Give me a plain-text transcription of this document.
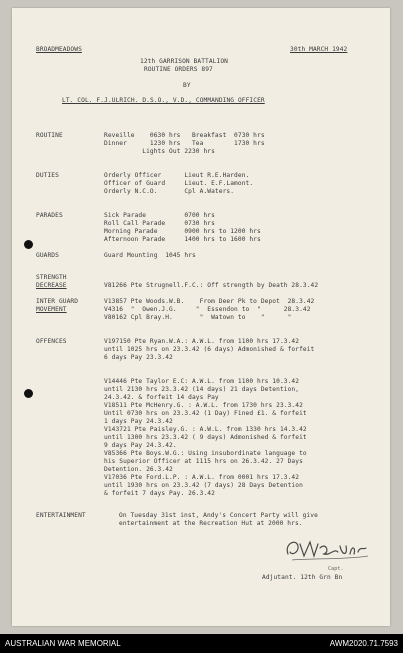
BROADMEADOWS	30th MARCH 1942
12th GARRISON BATTALION
ROUTINE ORDERS 897
BY
LT. COL. F.J.ULRICH. D.S.O., V.D., COMMANDING OFFICER
ROUTINE	Reveille    0630 hrs   Breakfast  0730 hrs
Dinner      1230 hrs   Tea        1730 hrs
Lights Out 2230 hrs
DUTIES	Orderly Officer      Lieut R.E.Harden.
Officer of Guard     Lieut. E.F.Lamont.
Orderly N.C.O.       Cpl A.Waters.
PARADES	Sick Parade          0700 hrs
Roll Call Parade     0730 hrs
Morning Parade       0900 hrs to 1200 hrs
Afternoon Parade     1400 hrs to 1600 hrs
GUARDS	Guard Mounting  1045 hrs
STRENGTH
DECREASE	V81266 Pte Strugnell.F.C.: Off strength by Death 28.3.42
INTER GUARD
MOVEMENT
V13857 Pte Woods.W.B.    From Deer Pk to Depot  28.3.42
V4316  "  Owen.J.G.     "  Essendon to  "      28.3.42
V80162 Cpl Bray.H.       "  Watown to    "      "
OFFENCES	V197150 Pte Ryan.W.A.: A.W.L. from 1100 hrs 17.3.42
until 1025 hrs on 23.3.42 (6 days) Admonished & forfeit
6 days Pay 23.3.42
V14446 Pte Taylor E.C: A.W.L. from 1100 hrs 10.3.42
until 2130 hrs 23.3.42 (14 days) 21 days Detention,
24.3.42. & forfeit 14 days Pay
V18511 Pte McHenry.G. : A.W.L. from 1730 hrs 23.3.42
Until 0730 hrs on 23.3.42 (1 Day) Fined £1. & forfeit
1 days Pay 24.3.42
V143721 Pte Paisley.G. : A.W.L. from 1330 hrs 14.3.42
until 1300 hrs 23.3.42 ( 9 days) Admonished & forfeit
9 days Pay 24.3.42.
V85366 Pte Boys.W.G.: Using insubordinate language to
his Superior Officer at 1115 hrs on 26.3.42. 27 Days
Detention. 26.3.42
V17036 Pte Ford.L.P. : A.W.L. from 0001 hrs 17.3.42
until 1930 hrs on 23.3.42 (7 days) 28 Days Detention
& forfeit 7 days Pay. 26.3.42
ENTERTAINMENT	On Tuesday 31st inst, Andy's Concert Party will give
entertainment at the Recreation Hut at 2000 hrs.
Capt.
Adjutant. 12th Grn Bn
AUSTRALIAN WAR MEMORIAL	AWM2020.71.7593
